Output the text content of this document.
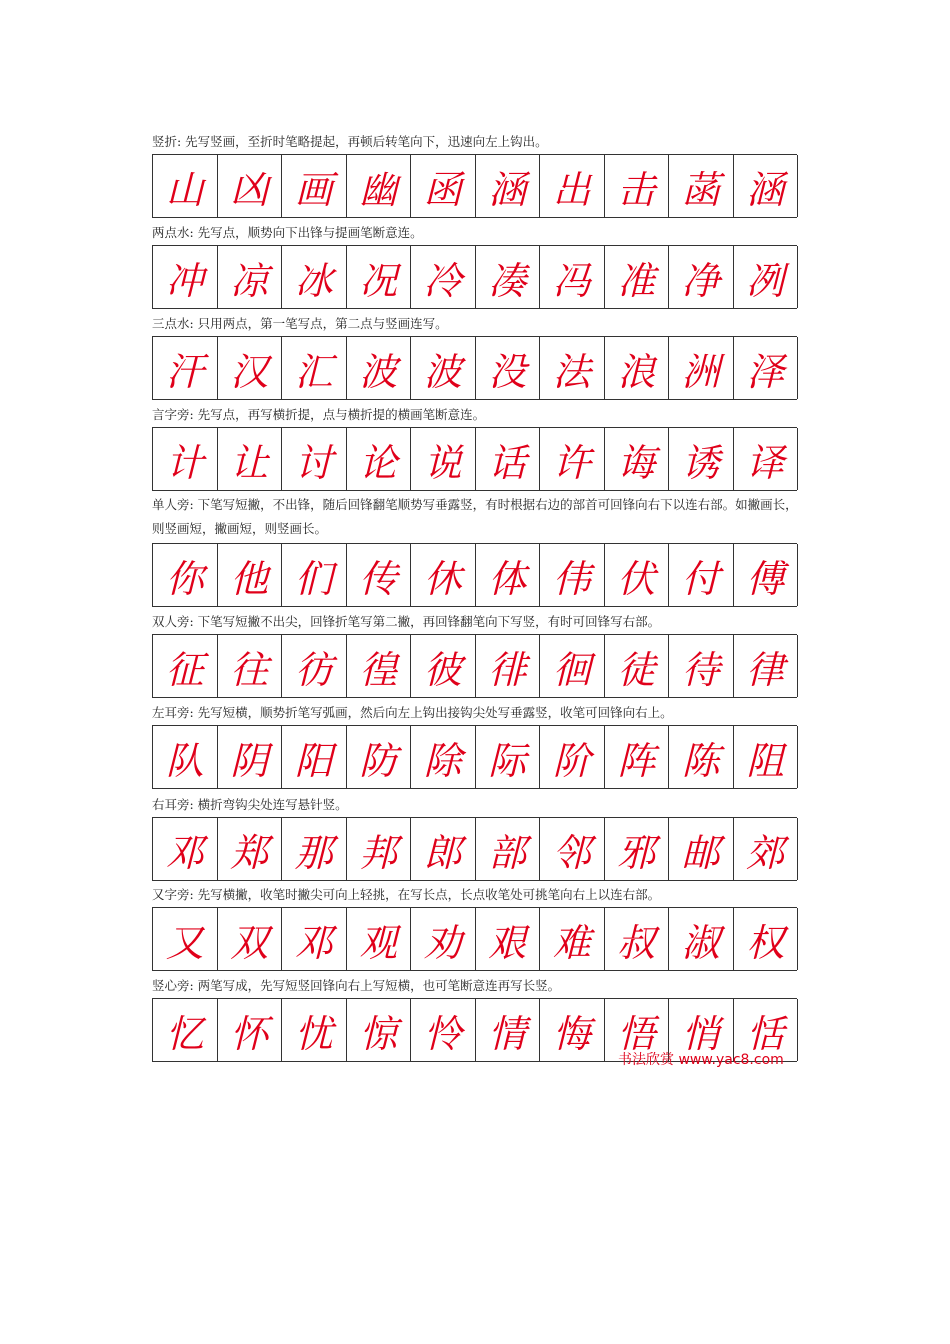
竖折: 先写竖画，至折时笔略提起，再顿后转笔向下，迅速向左上钩出。
山 凶 画 幽 函 涵 出 击 菡 涵
两点水: 先写点，顺势向下出锋与提画笔断意连。
冲 凉 冰 况 冷 凑 冯 准 净 冽
三点水: 只用两点，第一笔写点，第二点与竖画连写。
汗 汉 汇 波 波 没 法 浪 洲 泽
言字旁: 先写点，再写横折提，点与横折提的横画笔断意连。
计 让 讨 论 说 话 许 诲 诱 译
单人旁: 下笔写短撇，不出锋，随后回锋翻笔顺势写垂露竖，有时根据右边的部首可回锋向右下以连右部。如撇画长，则竖画短，撇画短，则竖画长。
你 他 们 传 休 体 伟 伏 付 傅
双人旁: 下笔写短撇不出尖，回锋折笔写第二撇，再回锋翻笔向下写竖，有时可回锋写右部。
征 往 彷 徨 彼 徘 徊 徒 待 律
左耳旁: 先写短横，顺势折笔写弧画，然后向左上钩出接钩尖处写垂露竖，收笔可回锋向右上。
队 阴 阳 防 除 际 阶 阵 陈 阻
右耳旁: 横折弯钩尖处连写悬针竖。
邓 郑 那 邦 郎 部 邻 邪 邮 郊
又字旁: 先写横撇，收笔时撇尖可向上轻挑，在写长点，长点收笔处可挑笔向右上以连右部。
又 双 邓 观 劝 艰 难 叔 淑 权
竖心旁: 两笔写成，先写短竖回锋向右上写短横，也可笔断意连再写长竖。
忆 怀 忧 惊 怜 情 悔 悟 悄 恬
书法欣赏 www.yac8.com
